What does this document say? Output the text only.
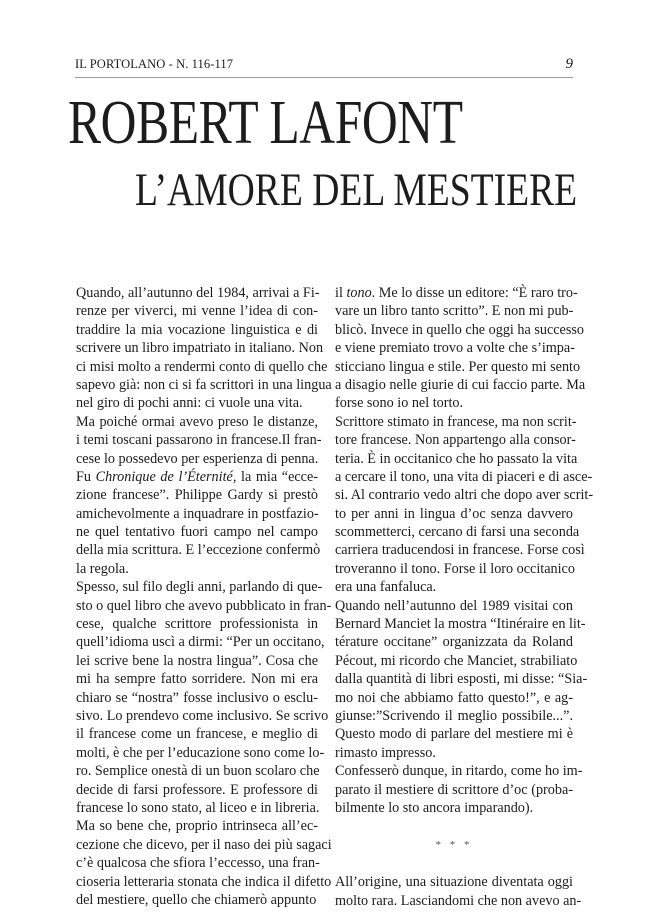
IL PORTOLANO - N. 116-117	9
ROBERT LAFONT
L’AMORE DEL MESTIERE
Quando, all’autunno del 1984, arrivai a Fi-
renze per viverci, mi venne l’idea di con-
traddire la mia vocazione linguistica e di
scrivere un libro impatriato in italiano. Non
ci misi molto a rendermi conto di quello che
sapevo già: non ci si fa scrittori in una lingua
nel giro di pochi anni: ci vuole una vita.
Ma poiché ormai avevo preso le distanze,
i temi toscani passarono in francese.Il fran-
cese lo possedevo per esperienza di penna.
Fu Chronique de l’Éternité, la mia “ecce-
zione francese”. Philippe Gardy si prestò
amichevolmente a inquadrare in postfazio-
ne quel tentativo fuori campo nel campo
della mia scrittura. E l’eccezione confermò
la regola.
Spesso, sul filo degli anni, parlando di que-
sto o quel libro che avevo pubblicato in fran-
cese, qualche scrittore professionista in
quell’idioma uscì a dirmi: “Per un occitano,
lei scrive bene la nostra lingua”. Cosa che
mi ha sempre fatto sorridere. Non mi era
chiaro se “nostra” fosse inclusivo o esclu-
sivo. Lo prendevo come inclusivo. Se scrivo
il francese come un francese, e meglio di
molti, è che per l’educazione sono come lo-
ro. Semplice onestà di un buon scolaro che
decide di farsi professore. E professore di
francese lo sono stato, al liceo e in libreria.
Ma so bene che, proprio intrinseca all’ec-
cezione che dicevo, per il naso dei più sagaci
c’è qualcosa che sfiora l’eccesso, una fran-
cioseria letteraria stonata che indica il difetto
del mestiere, quello che chiamerò appunto
il tono. Me lo disse un editore: “È raro tro-
vare un libro tanto scritto”. E non mi pub-
blicò. Invece in quello che oggi ha successo
e viene premiato trovo a volte che s’impa-
sticciano lingua e stile. Per questo mi sento
a disagio nelle giurie di cui faccio parte. Ma
forse sono io nel torto.
Scrittore stimato in francese, ma non scrit-
tore francese. Non appartengo alla consor-
teria. È in occitanico che ho passato la vita
a cercare il tono, una vita di piaceri e di asce-
si. Al contrario vedo altri che dopo aver scrit-
to per anni in lingua d’oc senza davvero
scommetterci, cercano di farsi una seconda
carriera traducendosi in francese. Forse così
troveranno il tono. Forse il loro occitanico
era una fanfaluca.
Quando nell’autunno del 1989 visitai con
Bernard Manciet la mostra “Itinéraire en lit-
térature occitane” organizzata da Roland
Pécout, mi ricordo che Manciet, strabiliato
dalla quantità di libri esposti, mi disse: “Sia-
mo noi che abbiamo fatto questo!”, e ag-
giunse:”Scrivendo il meglio possibile...”.
Questo modo di parlare del mestiere mi è
rimasto impresso.
Confesserò dunque, in ritardo, come ho im-
parato il mestiere di scrittore d’oc (proba-
bilmente lo sto ancora imparando).
* * *
All’origine, una situazione diventata oggi
molto rara. Lasciandomi che non avevo an-
